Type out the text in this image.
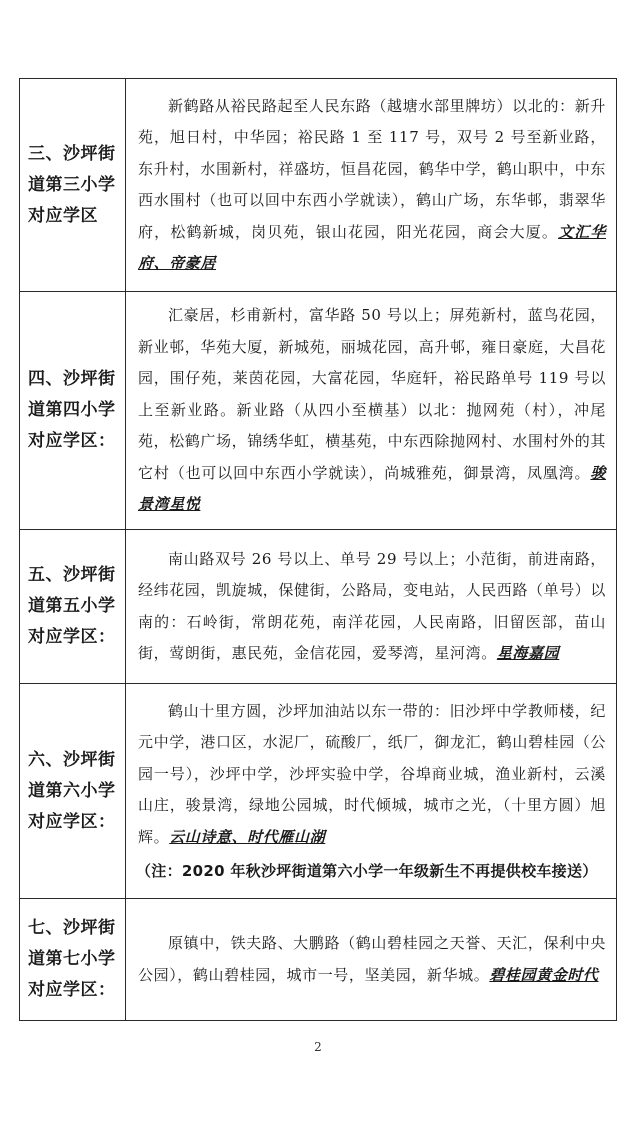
三、沙坪街道第三小学对应学区	新鹤路从裕民路起至人民东路（越塘水部里牌坊）以北的：新升苑，旭日村，中华园；裕民路 1 至 117 号，双号 2 号至新业路，东升村，水围新村，祥盛坊，恒昌花园，鹤华中学，鹤山职中，中东西水围村（也可以回中东西小学就读），鹤山广场，东华邨，翡翠华府，松鹤新城，岗贝苑，银山花园，阳光花园，商会大厦。文汇华府、帝豪居

四、沙坪街道第四小学对应学区：	汇豪居，杉甫新村，富华路 50 号以上；屏苑新村，蓝鸟花园，新业邨，华苑大厦，新城苑，丽城花园，高升邨，雍日豪庭，大昌花园，围仔苑，莱茵花园，大富花园，华庭轩，裕民路单号 119 号以上至新业路。新业路（从四小至横基）以北：抛网苑（村），冲尾苑，松鹤广场，锦绣华虹，横基苑，中东西除抛网村、水围村外的其它村（也可以回中东西小学就读），尚城雅苑，御景湾，凤凰湾。骏景湾星悦

五、沙坪街道第五小学对应学区：	南山路双号 26 号以上、单号 29 号以上；小范街，前进南路，经纬花园，凯旋城，保健街，公路局，变电站，人民西路（单号）以南的：石岭街，常朗花苑，南洋花园，人民南路，旧留医部，苗山街，莺朗街，惠民苑，金信花园，爱琴湾，星河湾。星海嘉园

六、沙坪街道第六小学对应学区：	鹤山十里方圆，沙坪加油站以东一带的：旧沙坪中学教师楼，纪元中学，港口区，水泥厂，硫酸厂，纸厂，御龙汇，鹤山碧桂园（公园一号），沙坪中学，沙坪实验中学，谷埠商业城，渔业新村，云溪山庄，骏景湾，绿地公园城，时代倾城，城市之光，（十里方圆）旭辉。云山诗意、时代雁山湖

（注：2020 年秋沙坪街道第六小学一年级新生不再提供校车接送）

七、沙坪街道第七小学对应学区：	原镇中，铁夫路、大鹏路（鹤山碧桂园之天誉、天汇，保利中央公园），鹤山碧桂园，城市一号，坚美园，新华城。碧桂园黄金时代

2
